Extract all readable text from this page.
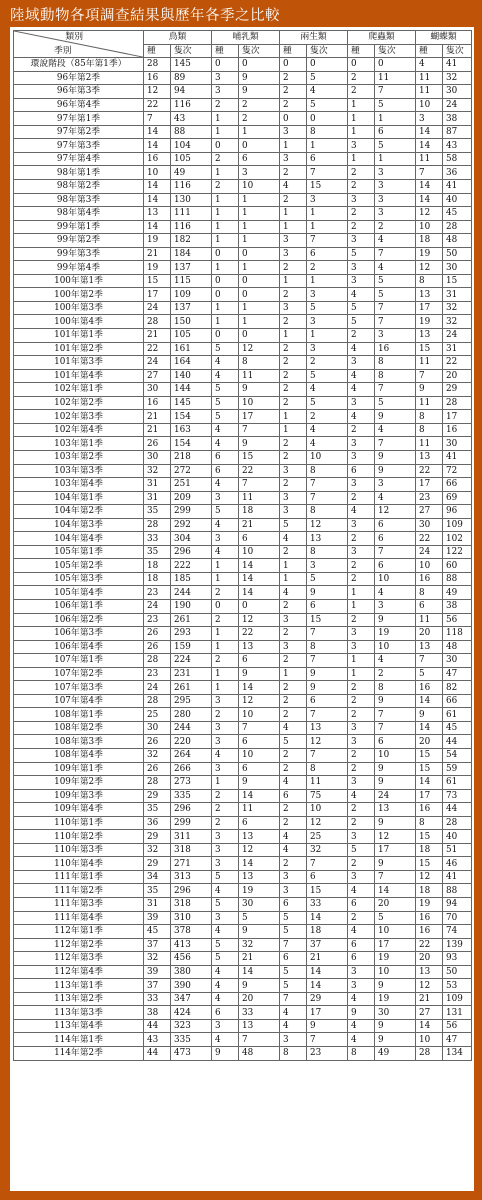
陸域動物各項調查結果與歷年各季之比較
類別
季別	鳥類		哺乳類		兩生類		爬蟲類		蝴蝶類	
	種	隻次	種	隻次	種	隻次	種	隻次	種	隻次
環說階段（85年第1季）	28	145	0	0	0	0	0	0	4	41
96年第2季	16	89	3	9	2	5	2	11	11	32
96年第3季	12	94	3	9	2	4	2	7	11	30
96年第4季	22	116	2	2	2	5	1	5	10	24
97年第1季	7	43	1	2	0	0	1	1	3	38
97年第2季	14	88	1	1	3	8	1	6	14	87
97年第3季	14	104	0	0	1	1	3	5	14	43
97年第4季	16	105	2	6	3	6	1	1	11	58
98年第1季	10	49	1	3	2	7	2	3	7	36
98年第2季	14	116	2	10	4	15	2	3	14	41
98年第3季	14	130	1	1	2	3	3	3	14	40
98年第4季	13	111	1	1	1	1	2	3	12	45
99年第1季	14	116	1	1	1	1	2	2	10	28
99年第2季	19	182	1	1	3	7	3	4	18	48
99年第3季	21	184	0	0	3	6	5	7	19	50
99年第4季	19	137	1	1	2	2	3	4	12	30
100年第1季	15	115	0	0	1	1	3	5	8	15
100年第2季	17	109	0	0	2	3	4	5	13	31
100年第3季	24	137	1	1	3	5	5	7	17	32
100年第4季	28	150	1	1	2	3	5	7	19	32
101年第1季	21	105	0	0	1	1	2	3	13	24
101年第2季	22	161	5	12	2	3	4	16	15	31
101年第3季	24	164	4	8	2	2	3	8	11	22
101年第4季	27	140	4	11	2	5	4	8	7	20
102年第1季	30	144	5	9	2	4	4	7	9	29
102年第2季	16	145	5	10	2	5	3	5	11	28
102年第3季	21	154	5	17	1	2	4	9	8	17
102年第4季	21	163	4	7	1	4	2	4	8	16
103年第1季	26	154	4	9	2	4	3	7	11	30
103年第2季	30	218	6	15	2	10	3	9	13	41
103年第3季	32	272	6	22	3	8	6	9	22	72
103年第4季	31	251	4	7	2	7	3	3	17	66
104年第1季	31	209	3	11	3	7	2	4	23	69
104年第2季	35	299	5	18	3	8	4	12	27	96
104年第3季	28	292	4	21	5	12	3	6	30	109
104年第4季	33	304	3	6	4	13	2	6	22	102
105年第1季	35	296	4	10	2	8	3	7	24	122
105年第2季	18	222	1	14	1	3	2	6	10	60
105年第3季	18	185	1	14	1	5	2	10	16	88
105年第4季	23	244	2	14	4	9	1	4	8	49
106年第1季	24	190	0	0	2	6	1	3	6	38
106年第2季	23	261	2	12	3	15	2	9	11	56
106年第3季	26	293	1	22	2	7	3	19	20	118
106年第4季	26	159	1	13	3	8	3	10	13	48
107年第1季	28	224	2	6	2	7	1	4	7	30
107年第2季	23	231	1	9	1	9	1	2	5	47
107年第3季	24	261	1	14	2	9	2	8	16	82
107年第4季	28	295	3	12	2	6	2	9	14	66
108年第1季	25	280	2	10	2	7	2	7	9	61
108年第2季	30	244	3	7	4	13	3	7	14	45
108年第3季	26	220	3	6	5	12	3	6	20	44
108年第4季	32	264	4	10	2	7	2	10	15	54
109年第1季	26	266	3	6	2	8	2	9	15	59
109年第2季	28	273	1	9	4	11	3	9	14	61
109年第3季	29	335	2	14	6	75	4	24	17	73
109年第4季	35	296	2	11	2	10	2	13	16	44
110年第1季	36	299	2	6	2	12	2	9	8	28
110年第2季	29	311	3	13	4	25	3	12	15	40
110年第3季	32	318	3	12	4	32	5	17	18	51
110年第4季	29	271	3	14	2	7	2	9	15	46
111年第1季	34	313	5	13	3	6	3	7	12	41
111年第2季	35	296	4	19	3	15	4	14	18	88
111年第3季	31	318	5	30	6	33	6	20	19	94
111年第4季	39	310	3	5	5	14	2	5	16	70
112年第1季	45	378	4	9	5	18	4	10	16	74
112年第2季	37	413	5	32	7	37	6	17	22	139
112年第3季	32	456	5	21	6	21	6	19	20	93
112年第4季	39	380	4	14	5	14	3	10	13	50
113年第1季	37	390	4	9	5	14	3	9	12	53
113年第2季	33	347	4	20	7	29	4	19	21	109
113年第3季	38	424	6	33	4	17	9	30	27	131
113年第4季	44	323	3	13	4	9	4	9	14	56
114年第1季	43	335	4	7	3	7	4	9	10	47
114年第2季	44	473	9	48	8	23	8	49	28	134
